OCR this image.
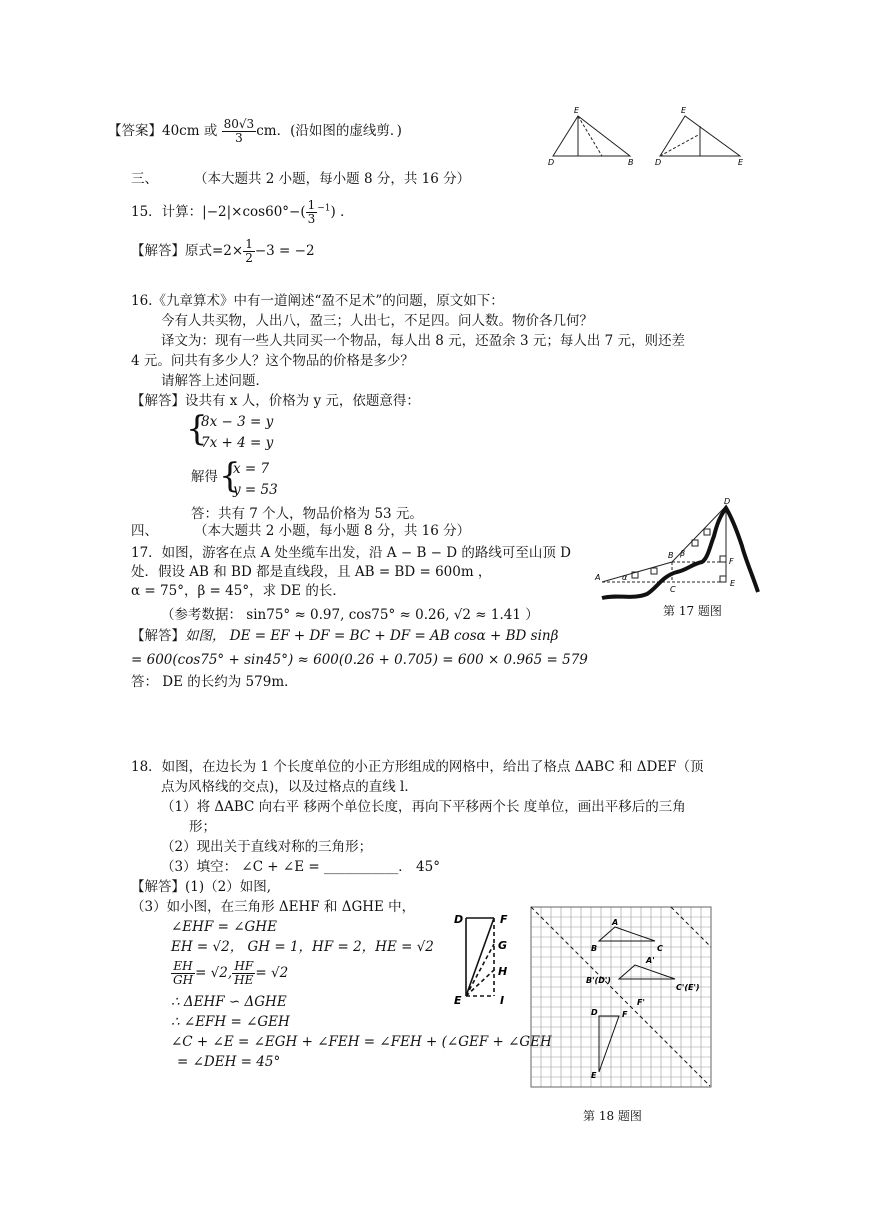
【答案】40cm 或 $\frac{80√3}{3}$ cm．(沿如图的虚线剪．)
E
D	B
E
D	E
三、	（本大题共 2 小题，每小题 8 分，共 16 分）
15．计算：$|-2|\times\cos 60^\circ-( \frac{1}{3} ^{-1})$ ．
【解答】原式$=2\times \frac{1}{2} -3 = -2$
16.《九章算术》中有一道阐述“盈不足术”的问题，原文如下：
今有人共买物，人出八，盈三；人出七，不足四。问人数。物价各几何？
译文为：现有一些人共同买一个物品，每人出 8 元，还盈余 3 元；每人出 7 元，则还差
4 元。问共有多少人？这个物品的价格是多少？
请解答上述问题．
【解答】设共有 x 人，价格为 y 元，依题意得：
{
8x − 3 = y
7x + 4 = y
解得 {
x = 7
y = 53
答：共有 7 个人，物品价格为 53 元。
四、	（本大题共 2 小题，每小题 8 分，共 16 分）
17．如图，游客在点 A 处坐缆车出发，沿 A − B − D 的路线可至山顶 D
处．假设 AB 和 BD 都是直线段，且 AB = BD = 600m ，
α = 75°，β = 45°，求 DE 的长．
（参考数据： sin75° ≈ 0.97, cos75° ≈ 0.26, √2 ≈ 1.41 ）
A
B
C
D
E
F
α
β
第 17 题图
【解答】如图， DE = EF + DF = BC + DF = AB cosα + BD sinβ
= 600(cos75° + sin45°) ≈ 600(0.26 + 0.705) = 600 × 0.965 = 579
答： DE 的长约为 579m．
18．如图，在边长为 1 个长度单位的小正方形组成的网格中，给出了格点 ΔABC 和 ΔDEF（顶
点为风格线的交点)，以及过格点的直线 l．
（1）将 ΔABC 向右平 移两个单位长度，再向下平移两个长 度单位，画出平移后的三角
形；
（2）现出关于直线对称的三角形；
（3）填空： ∠C + ∠E = ___________． 45°
【解答】(1)（2）如图,
（3）如小图，在三角形 ΔEHF 和 ΔGHE 中，
∠EHF = ∠GHE
EH = √2， GH = 1，HF = 2，HE = √2
$\frac{EH}{GH} = √2$, $\frac{HF}{HE} = √2$
∴ ΔEHF ∽ ΔGHE
∴ ∠EFH = ∠GEH
∠C + ∠E = ∠EGH + ∠FEH = ∠FEH + (∠GEF + ∠GEH
= ∠DEH = 45°
D	F
G
H
E	I
A
B	C
A'
B'(D')
C'(E')
F'
D	F
E
第 18 题图
